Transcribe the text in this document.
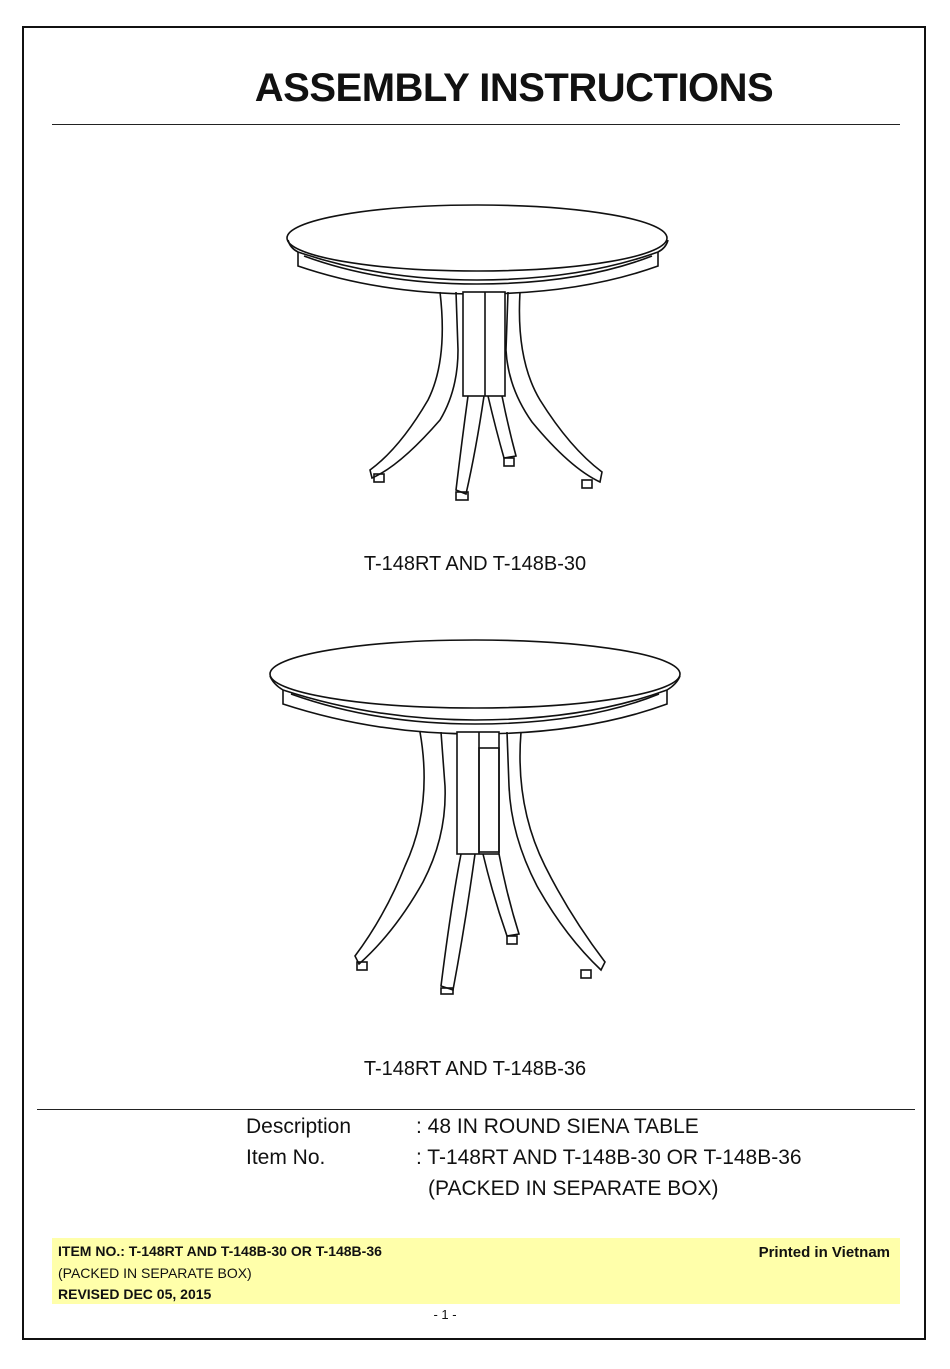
ASSEMBLY INSTRUCTIONS
T-148RT AND T-148B-30
T-148RT AND T-148B-36
Description	: 48 IN ROUND SIENA TABLE
Item No.	: T-148RT AND T-148B-30 OR T-148B-36
(PACKED IN SEPARATE BOX)
ITEM NO.: T-148RT AND T-148B-30 OR T-148B-36
(PACKED IN SEPARATE BOX)
REVISED DEC 05, 2015
Printed in Vietnam
- 1 -
